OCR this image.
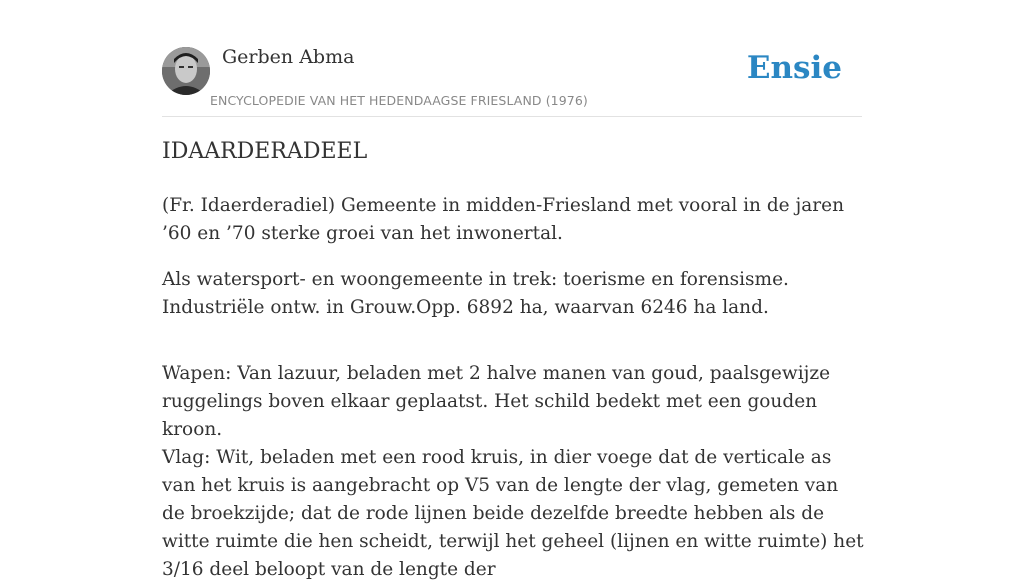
Gerben Abma
ENCYCLOPEDIE VAN HET HEDENDAAGSE FRIESLAND (1976)
Ensie
IDAARDERADEEL

(Fr. Idaerderadiel) Gemeente in midden-Friesland met vooral in de jaren ’60 en ’70 sterke groei van het inwonertal.

Als watersport- en woongemeente in trek: toerisme en forensisme. Industriële ontw. in Grouw.Opp. 6892 ha, waarvan 6246 ha land.

Wapen: Van lazuur, beladen met 2 halve manen van goud, paalsgewijze ruggelings boven elkaar geplaatst. Het schild bedekt met een gouden kroon.
Vlag: Wit, beladen met een rood kruis, in dier voege dat de verticale as van het kruis is aangebracht op V5 van de lengte der vlag, gemeten van de broekzijde; dat de rode lijnen beide dezelfde breedte hebben als de witte ruimte die hen scheidt, terwijl het geheel (lijnen en witte ruimte) het 3/16 deel beloopt van de lengte der
